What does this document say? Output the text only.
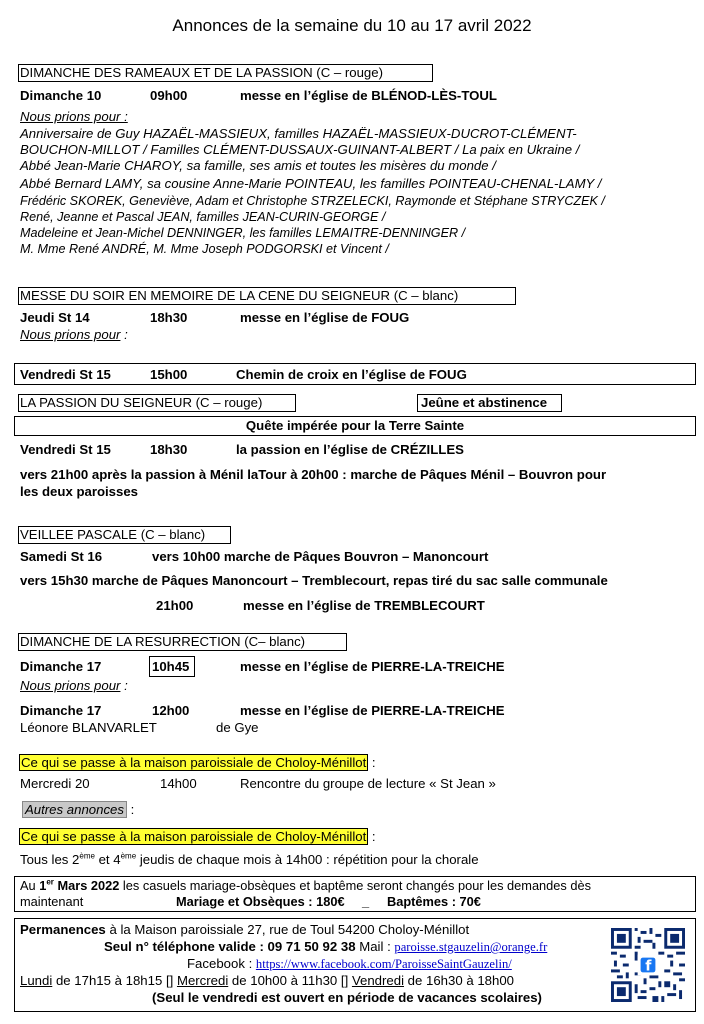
Annonces de la semaine du 10 au 17 avril 2022
DIMANCHE DES RAMEAUX ET DE LA PASSION (C – rouge)
Dimanche 10	09h00	messe en l’église de BLÉNOD-LÈS-TOUL
Nous prions pour :
Anniversaire de Guy HAZAËL-MASSIEUX, familles HAZAËL-MASSIEUX-DUCROT-CLÉMENT-
BOUCHON-MILLOT / Familles CLÉMENT-DUSSAUX-GUINANT-ALBERT / La paix en Ukraine /
Abbé Jean-Marie CHAROY, sa famille, ses amis et toutes les misères du monde /
Abbé Bernard LAMY, sa cousine Anne-Marie POINTEAU, les familles POINTEAU-CHENAL-LAMY /
Frédéric SKOREK, Geneviève, Adam et Christophe STRZELECKI, Raymonde et Stéphane STRYCZEK /
René, Jeanne et Pascal JEAN, familles JEAN-CURIN-GEORGE /
Madeleine et Jean-Michel DENNINGER, les familles LEMAITRE-DENNINGER /
M. Mme René ANDRÉ, M. Mme Joseph PODGORSKI et Vincent /
MESSE DU SOIR EN MEMOIRE DE LA CENE DU SEIGNEUR (C – blanc)
Jeudi St 14	18h30	messe en l’église de FOUG
Nous prions pour :
Vendredi St 15	15h00	Chemin de croix en l’église de FOUG
LA PASSION DU SEIGNEUR (C – rouge)	Jeûne et abstinence
Quête impérée pour la Terre Sainte
Vendredi St 15	18h30	la passion en l’église de CRÉZILLES
vers 21h00 après la passion à Ménil laTour à 20h00 : marche de Pâques Ménil – Bouvron pour
les deux paroisses
VEILLEE PASCALE (C – blanc)
Samedi St 16	vers 10h00 marche de Pâques Bouvron – Manoncourt
vers 15h30 marche de Pâques Manoncourt – Tremblecourt, repas tiré du sac salle communale
21h00	messe en l’église de TREMBLECOURT
DIMANCHE DE LA RESURRECTION (C– blanc)
Dimanche 17	10h45	messe en l’église de PIERRE-LA-TREICHE
Nous prions pour :
Dimanche 17	12h00	messe en l’église de PIERRE-LA-TREICHE
Léonore BLANVARLET	de Gye
Ce qui se passe à la maison paroissiale de Choloy-Ménillot :
Mercredi 20	14h00	Rencontre du groupe de lecture « St Jean »
Autres annonces :
Ce qui se passe à la maison paroissiale de Choloy-Ménillot :
Tous les 2ème et 4ème jeudis de chaque mois à 14h00 : répétition pour la chorale
Au 1er Mars 2022 les casuels mariage-obsèques et baptême seront changés pour les demandes dès
maintenant	Mariage et Obsèques : 180€ _ Baptêmes : 70€
Permanences à la Maison paroissiale 27, rue de Toul 54200 Choloy-Ménillot
Seul n° téléphone valide : 09 71 50 92 38 Mail : paroisse.stgauzelin@orange.fr
Facebook : https://www.facebook.com/ParoisseSaintGauzelin/
Lundi de 17h15 à 18h15 [] Mercredi de 10h00 à 11h30 [] Vendredi de 16h30 à 18h00
(Seul le vendredi est ouvert en période de vacances scolaires)
f
